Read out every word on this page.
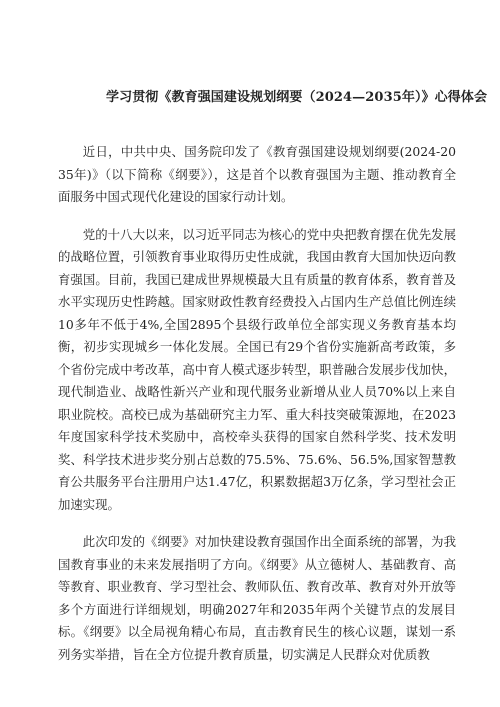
学习贯彻《教育强国建设规划纲要（2024—2035年）》心得体会

近日，中共中央、国务院印发了《教育强国建设规划纲要(2024-2035年)》（以下简称《纲要》），这是首个以教育强国为主题、推动教育全面服务中国式现代化建设的国家行动计划。

党的十八大以来，以习近平同志为核心的党中央把教育摆在优先发展的战略位置，引领教育事业取得历史性成就，我国由教育大国加快迈向教育强国。目前，我国已建成世界规模最大且有质量的教育体系，教育普及水平实现历史性跨越。国家财政性教育经费投入占国内生产总值比例连续10多年不低于4%,全国2895个县级行政单位全部实现义务教育基本均衡，初步实现城乡一体化发展。全国已有29个省份实施新高考政策，多个省份完成中考改革，高中育人模式逐步转型，职普融合发展步伐加快，现代制造业、战略性新兴产业和现代服务业新增从业人员70%以上来自职业院校。高校已成为基础研究主力军、重大科技突破策源地，在2023年度国家科学技术奖励中，高校牵头获得的国家自然科学奖、技术发明奖、科学技术进步奖分别占总数的75.5%、75.6%、56.5%,国家智慧教育公共服务平台注册用户达1.47亿，积累数据超3万亿条，学习型社会正加速实现。

此次印发的《纲要》对加快建设教育强国作出全面系统的部署，为我国教育事业的未来发展指明了方向。《纲要》从立德树人、基础教育、高等教育、职业教育、学习型社会、教师队伍、教育改革、教育对外开放等多个方面进行详细规划，明确2027年和2035年两个关键节点的发展目标。《纲要》以全局视角精心布局，直击教育民生的核心议题，谋划一系列务实举措，旨在全方位提升教育质量，切实满足人民群众对优质教
